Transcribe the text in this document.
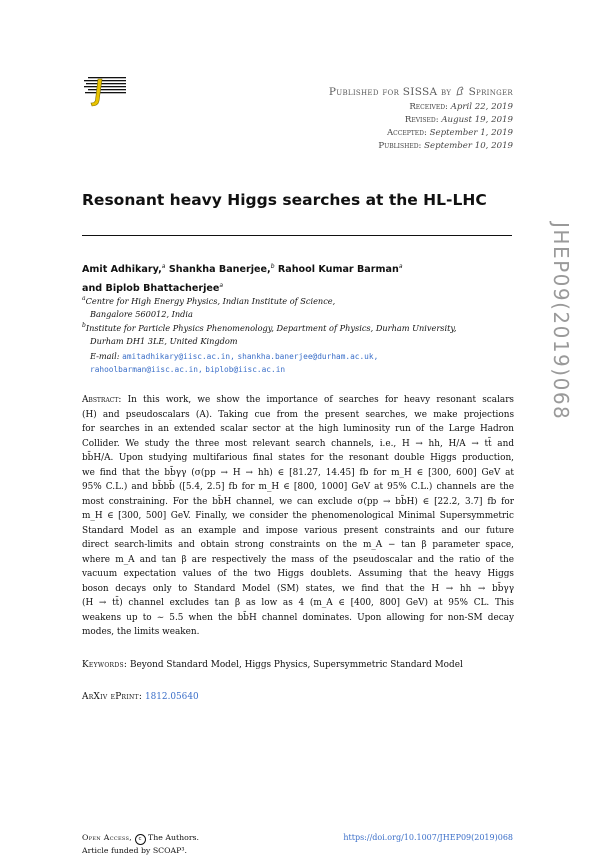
Published for SISSA by Springer
Received: April 22, 2019
Revised: August 19, 2019
Accepted: September 1, 2019
Published: September 10, 2019
Resonant heavy Higgs searches at the HL-LHC
JHEP09(2019)068
Amit Adhikary,$^a$ Shankha Banerjee,$^b$ Rahool Kumar Barman$^a$
and Biplob Bhattacherjee$^a$
$^a$Centre for High Energy Physics, Indian Institute of Science,
Bangalore 560012, India
$^b$Institute for Particle Physics Phenomenology, Department of Physics, Durham University,
Durham DH1 3LE, United Kingdom
E-mail: amitadhikary@iisc.ac.in, shankha.banerjee@durham.ac.uk,
rahoolbarman@iisc.ac.in, biplob@iisc.ac.in
Abstract: In this work, we show the importance of searches for heavy resonant scalars
(H) and pseudoscalars (A). Taking cue from the present searches, we make projections
for searches in an extended scalar sector at the high luminosity run of the Large Hadron
Collider. We study the three most relevant search channels, i.e., H → hh, H/A → tt̄ and
bb̄H/A. Upon studying multifarious final states for the resonant double Higgs production,
we find that the bb̄γγ (σ(pp → H → hh) ∈ [81.27, 14.45] fb for m_H ∈ [300, 600] GeV at
95% C.L.) and bb̄bb̄ ([5.4, 2.5] fb for m_H ∈ [800, 1000] GeV at 95% C.L.) channels are the
most constraining. For the bb̄H channel, we can exclude σ(pp → bb̄H) ∈ [22.2, 3.7] fb for
m_H ∈ [300, 500] GeV. Finally, we consider the phenomenological Minimal Supersymmetric
Standard Model as an example and impose various present constraints and our future
direct search-limits and obtain strong constraints on the m_A − tan β parameter space,
where m_A and tan β are respectively the mass of the pseudoscalar and the ratio of the
vacuum expectation values of the two Higgs doublets. Assuming that the heavy Higgs
boson decays only to Standard Model (SM) states, we find that the H → hh → bb̄γγ
(H → tt̄) channel excludes tan β as low as 4 (m_A ∈ [400, 800] GeV) at 95% CL. This
weakens up to ∼ 5.5 when the bb̄H channel dominates. Upon allowing for non-SM decay
modes, the limits weaken.
Keywords: Beyond Standard Model, Higgs Physics, Supersymmetric Standard Model
ArXiv ePrint: 1812.05640
Open Access, c The Authors.
Article funded by SCOAP³.
https://doi.org/10.1007/JHEP09(2019)068
